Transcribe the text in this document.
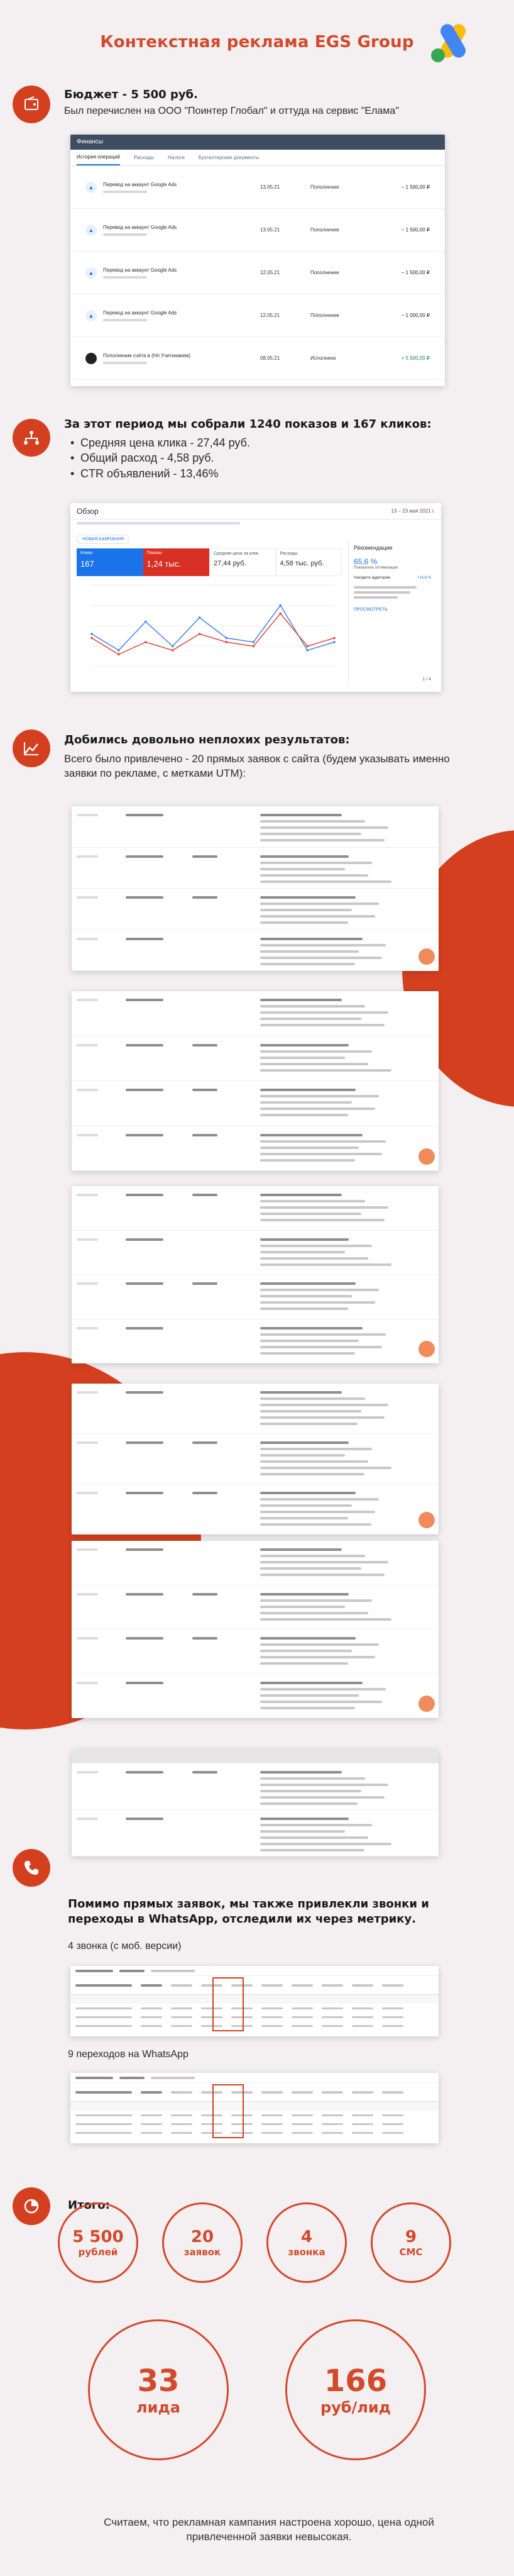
Контекстная реклама EGS Group
Бюджет - 5 500 руб.
Был перечислен на ООО "Поинтер Глобал" и оттуда на сервис "Елама"
Финансы
История операций	Расходы	Налоги	Бухгалтерские документы
▲	Перевод на аккаунт Google Ads	13.05.21	Пополнение	− 1 500,00 ₽
▲	Перевод на аккаунт Google Ads	13.05.21	Пополнение	− 1 500,00 ₽
▲	Перевод на аккаунт Google Ads	12.05.21	Пополнение	− 1 500,00 ₽
▲	Перевод на аккаунт Google Ads	12.05.21	Пополнение	− 1 000,00 ₽
Пополнение счёта в (Нп Учитинакем)	08.05.21	Исполнено	+ 5 500,00 ₽
За этот период мы собрали 1240 показов и 167 кликов:
• Средняя цена клика - 27,44 руб.
• Общий расход - 4,58 руб.
• CTR объявлений - 13,46%
Обзор	13 – 23 мая 2021 г.
НОВАЯ КАМПАНИЯ
Клики
167
Показы
1,24 тыс.
Средняя цена за клик
27,44 руб.
Расходы
4,58 тыс. руб.
Рекомендации
65,6 %
Показатель оптимизации
Находите аудиторию	+14,6 %
ПРОСМОТРЕТЬ
1 / 4
Добились довольно неплохих результатов:
Всего было привлечено - 20 прямых заявок с сайта (будем указывать именно заявки по рекламе, с метками UTM):
Помимо прямых заявок, мы также привлекли звонки и переходы в WhatsApp, отследили их через метрику.
4 звонка (с моб. версии)
9 переходов на WhatsApp
Итого:
5 500
рублей
20
заявок
4
звонка
9
СМС
33
лида
166
руб/лид
Считаем, что рекламная кампания настроена хорошо, цена одной привлеченной заявки невысокая.
